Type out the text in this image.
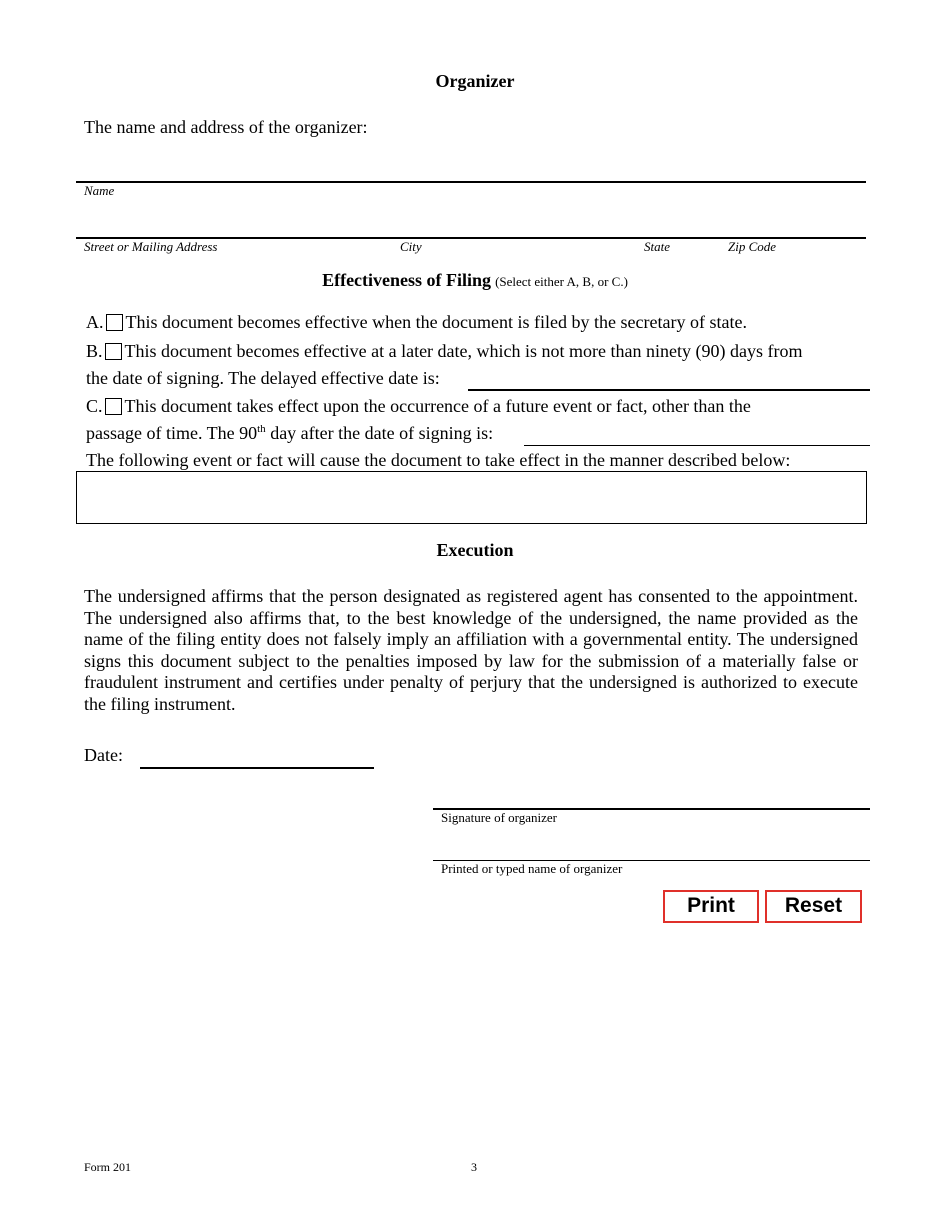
Organizer
The name and address of the organizer:
Name
Street or Mailing Address	City	State	Zip Code
Effectiveness of Filing (Select either A, B, or C.)
A. This document becomes effective when the document is filed by the secretary of state.
B. This document becomes effective at a later date, which is not more than ninety (90) days from
the date of signing. The delayed effective date is:
C. This document takes effect upon the occurrence of a future event or fact, other than the
passage of time. The 90th day after the date of signing is:
The following event or fact will cause the document to take effect in the manner described below:
Execution
The undersigned affirms that the person designated as registered agent has consented to the appointment. The undersigned also affirms that, to the best knowledge of the undersigned, the name provided as the name of the filing entity does not falsely imply an affiliation with a governmental entity. The undersigned signs this document subject to the penalties imposed by law for the submission of a materially false or fraudulent instrument and certifies under penalty of perjury that the undersigned is authorized to execute the filing instrument.
Date:
Signature of organizer
Printed or typed name of organizer
Print	Reset
Form 201	3
